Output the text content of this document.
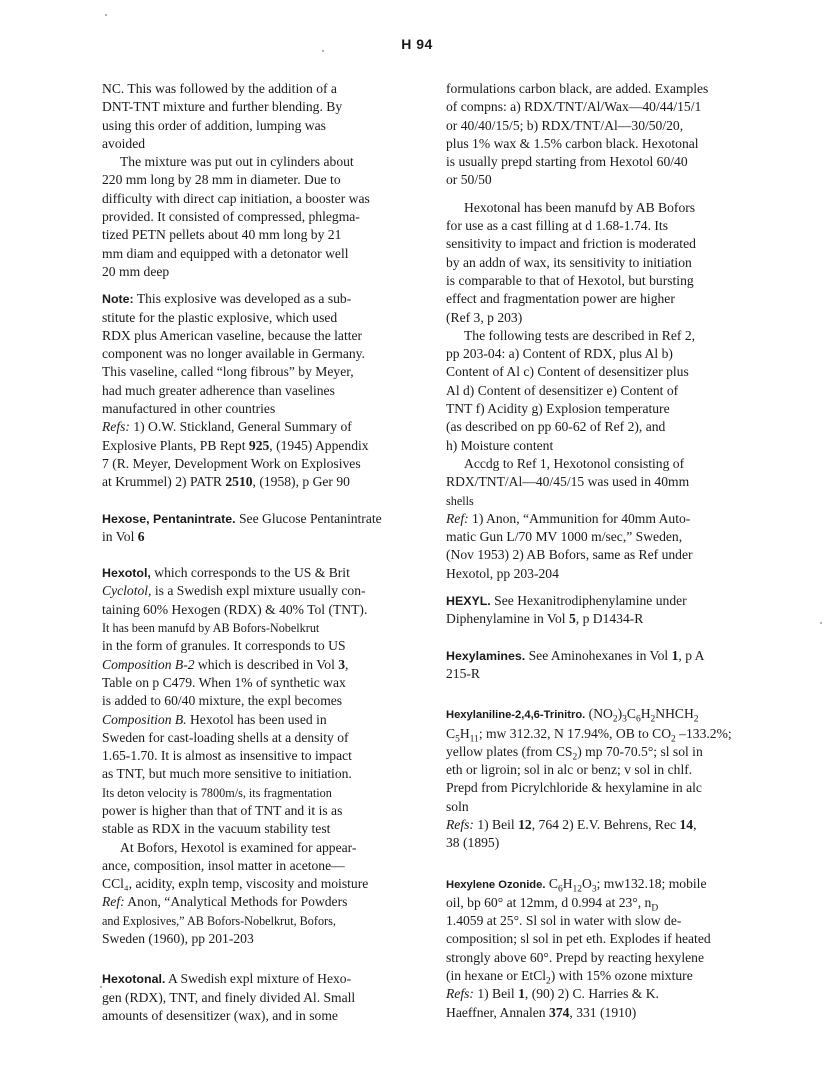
H 94

NC. This was followed by the addition of a

DNT-TNT mixture and further blending. By

using this order of addition, lumping was

avoided

The mixture was put out in cylinders about

220 mm long by 28 mm in diameter. Due to

difficulty with direct cap initiation, a booster was

provided. It consisted of compressed, phlegma-

tized PETN pellets about 40 mm long by 21

mm diam and equipped with a detonator well

20 mm deep

Note: This explosive was developed as a sub-

stitute for the plastic explosive, which used

RDX plus American vaseline, because the latter

component was no longer available in Germany.

This vaseline, called “long fibrous” by Meyer,

had much greater adherence than vaselines

manufactured in other countries

Refs: 1) O.W. Stickland, General Summary of

Explosive Plants, PB Rept 925, (1945) Appendix

7 (R. Meyer, Development Work on Explosives

at Krummel) 2) PATR 2510, (1958), p Ger 90

Hexose, Pentanintrate. See Glucose Pentanintrate

in Vol 6

Hexotol, which corresponds to the US & Brit

Cyclotol, is a Swedish expl mixture usually con-

taining 60% Hexogen (RDX) & 40% Tol (TNT).

It has been manufd by AB Bofors-Nobelkrut

in the form of granules. It corresponds to US

Composition B-2 which is described in Vol 3,

Table on p C479. When 1% of synthetic wax

is added to 60/40 mixture, the expl becomes

Composition B. Hexotol has been used in

Sweden for cast-loading shells at a density of

1.65-1.70. It is almost as insensitive to impact

as TNT, but much more sensitive to initiation.

Its deton velocity is 7800m/s, its fragmentation

power is higher than that of TNT and it is as

stable as RDX in the vacuum stability test

At Bofors, Hexotol is examined for appear-

ance, composition, insol matter in acetone—

CCl₄, acidity, expln temp, viscosity and moisture

Ref: Anon, “Analytical Methods for Powders

and Explosives,” AB Bofors-Nobelkrut, Bofors,

Sweden (1960), pp 201-203

Hexotonal. A Swedish expl mixture of Hexo-

gen (RDX), TNT, and finely divided Al. Small

amounts of desensitizer (wax), and in some

formulations carbon black, are added. Examples

of compns: a) RDX/TNT/Al/Wax—40/44/15/1

or 40/40/15/5; b) RDX/TNT/Al—30/50/20,

plus 1% wax & 1.5% carbon black. Hexotonal

is usually prepd starting from Hexotol 60/40

or 50/50

Hexotonal has been manufd by AB Bofors

for use as a cast filling at d 1.68-1.74. Its

sensitivity to impact and friction is moderated

by an addn of wax, its sensitivity to initiation

is comparable to that of Hexotol, but bursting

effect and fragmentation power are higher

(Ref 3, p 203)

The following tests are described in Ref 2,

pp 203-04: a) Content of RDX, plus Al b)

Content of Al c) Content of desensitizer plus

Al d) Content of desensitizer e) Content of

TNT f) Acidity g) Explosion temperature

(as described on pp 60-62 of Ref 2), and

h) Moisture content

Accdg to Ref 1, Hexotonol consisting of

RDX/TNT/Al—40/45/15 was used in 40mm

shells

Ref: 1) Anon, “Ammunition for 40mm Auto-

matic Gun L/70 MV 1000 m/sec,” Sweden,

(Nov 1953) 2) AB Bofors, same as Ref under

Hexotol, pp 203-204

HEXYL. See Hexanitrodiphenylamine under

Diphenylamine in Vol 5, p D1434-R

Hexylamines. See Aminohexanes in Vol 1, p A

215-R

Hexylaniline-2,4,6-Trinitro. $(NO_2)_3C_6H_2NHCH_2$

$C_5H_{11}$; mw 312.32, N 17.94%, OB to $CO_2$ –133.2%;

yellow plates (from $CS_2$) mp 70-70.5°; sl sol in

eth or ligroin; sol in alc or benz; v sol in chlf.

Prepd from Picrylchloride & hexylamine in alc

soln

Refs: 1) Beil 12, 764 2) E.V. Behrens, Rec 14,

38 (1895)

Hexylene Ozonide. $C_6H_{12}O_3$; mw132.18; mobile

oil, bp 60° at 12mm, d 0.994 at 23°, $n_D$

1.4059 at 25°. Sl sol in water with slow de-

composition; sl sol in pet eth. Explodes if heated

strongly above 60°. Prepd by reacting hexylene

(in hexane or EtCl$_2$) with 15% ozone mixture

Refs: 1) Beil 1, (90) 2) C. Harries & K.

Haeffner, Annalen 374, 331 (1910)
